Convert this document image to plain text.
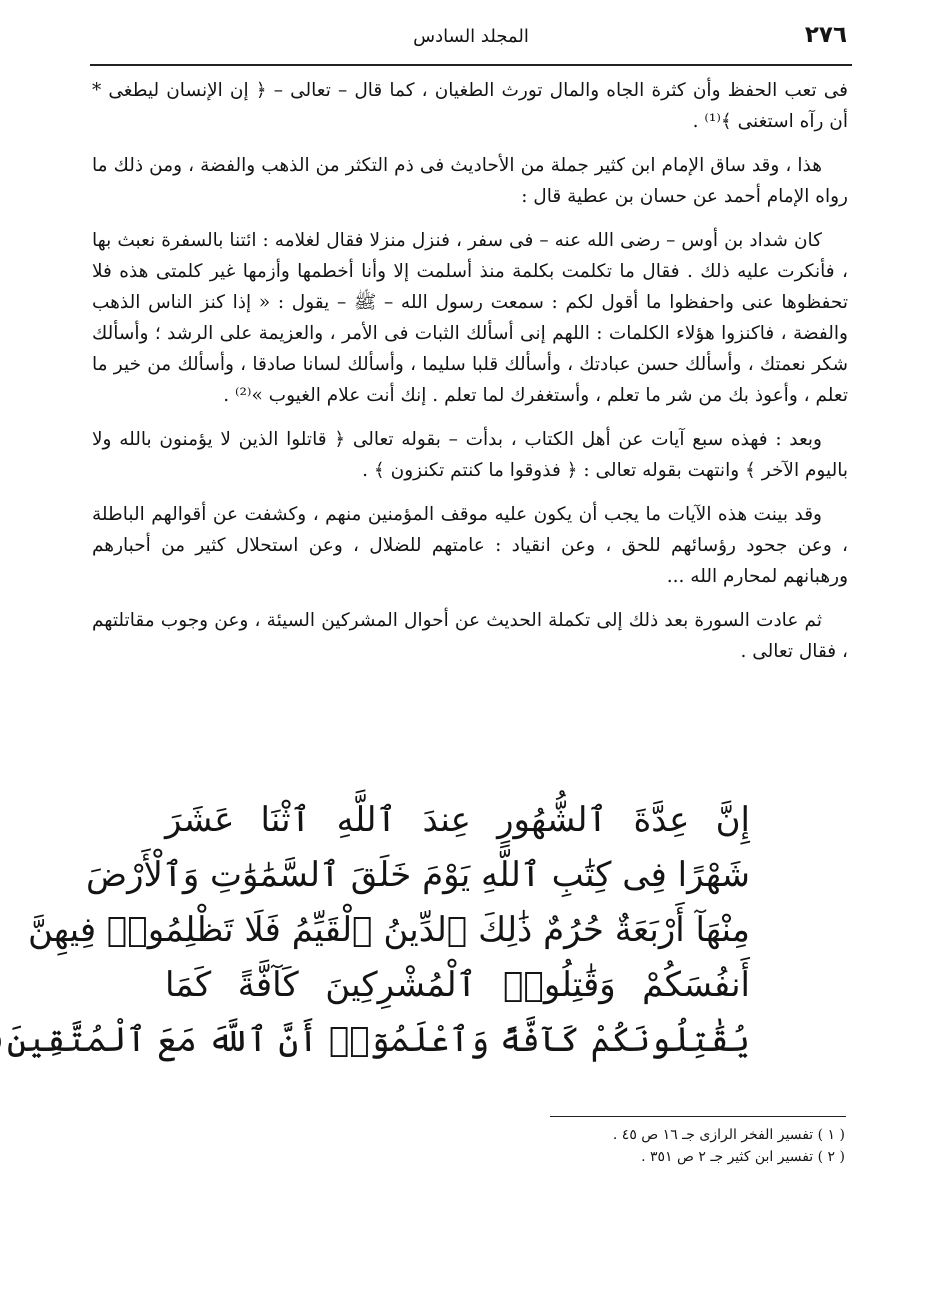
٢٧٦
المجلد السادس

فى تعب الحفظ وأن كثرة الجاه والمال تورث الطغيان ، كما قال – تعالى – ﴿ إن الإنسان ليطغى * أن رآه استغنى ﴾⁽¹⁾ .

هذا ، وقد ساق الإمام ابن كثير جملة من الأحاديث فى ذم التكثر من الذهب والفضة ، ومن ذلك ما رواه الإمام أحمد عن حسان بن عطية قال :

كان شداد بن أوس – رضى الله عنه – فى سفر ، فنزل منزلا فقال لغلامه : ائتنا بالسفرة نعبث بها ، فأنكرت عليه ذلك . فقال ما تكلمت بكلمة منذ أسلمت إلا وأنا أخطمها وأزمها غير كلمتى هذه فلا تحفظوها عنى واحفظوا ما أقول لكم : سمعت رسول الله – ﷺ – يقول : « إذا كنز الناس الذهب والفضة ، فاكنزوا هؤلاء الكلمات : اللهم إنى أسألك الثبات فى الأمر ، والعزيمة على الرشد ؛ وأسألك شكر نعمتك ، وأسألك حسن عبادتك ، وأسألك قلبا سليما ، وأسألك لسانا صادقا ، وأسألك من خير ما تعلم ، وأعوذ بك من شر ما تعلم ، وأستغفرك لما تعلم . إنك أنت علام الغيوب »⁽²⁾ .

وبعد : فهذه سبع آيات عن أهل الكتاب ، بدأت – بقوله تعالى ﴿ قاتلوا الذين لا يؤمنون بالله ولا باليوم الآخر ﴾ وانتهت بقوله تعالى : ﴿ فذوقوا ما كنتم تكنزون ﴾ .

وقد بينت هذه الآيات ما يجب أن يكون عليه موقف المؤمنين منهم ، وكشفت عن أقوالهم الباطلة ، وعن جحود رؤسائهم للحق ، وعن انقياد : عامتهم للضلال ، وعن استحلال كثير من أحبارهم ورهبانهم لمحارم الله ...

ثم عادت السورة بعد ذلك إلى تكملة الحديث عن أحوال المشركين السيئة ، وعن وجوب مقاتلتهم ، فقال تعالى .

إِنَّ عِدَّةَ ٱلشُّهُورِ عِندَ ٱللَّهِ ٱثْنَا عَشَرَ
شَهْرًا فِى كِتَٰبِ ٱللَّهِ يَوْمَ خَلَقَ ٱلسَّمَٰوَٰتِ وَٱلْأَرْضَ
مِنْهَآ أَرْبَعَةٌ حُرُمٌ ذَٰلِكَ ٱلدِّينُ ٱلْقَيِّمُ فَلَا تَظْلِمُوا۟ فِيهِنَّ
أَنفُسَكُمْ وَقَٰتِلُوا۟ ٱلْمُشْرِكِينَ كَآفَّةً كَمَا
يُقَٰتِلُونَكُمْ كَآفَّةً وَٱعْلَمُوٓا۟ أَنَّ ٱللَّهَ مَعَ ٱلْمُتَّقِينَ
( ١ ) تفسير الفخر الرازى جـ ١٦ ص ٤٥ .
( ٢ ) تفسير ابن كثير جـ ٢ ص ٣٥١ .
